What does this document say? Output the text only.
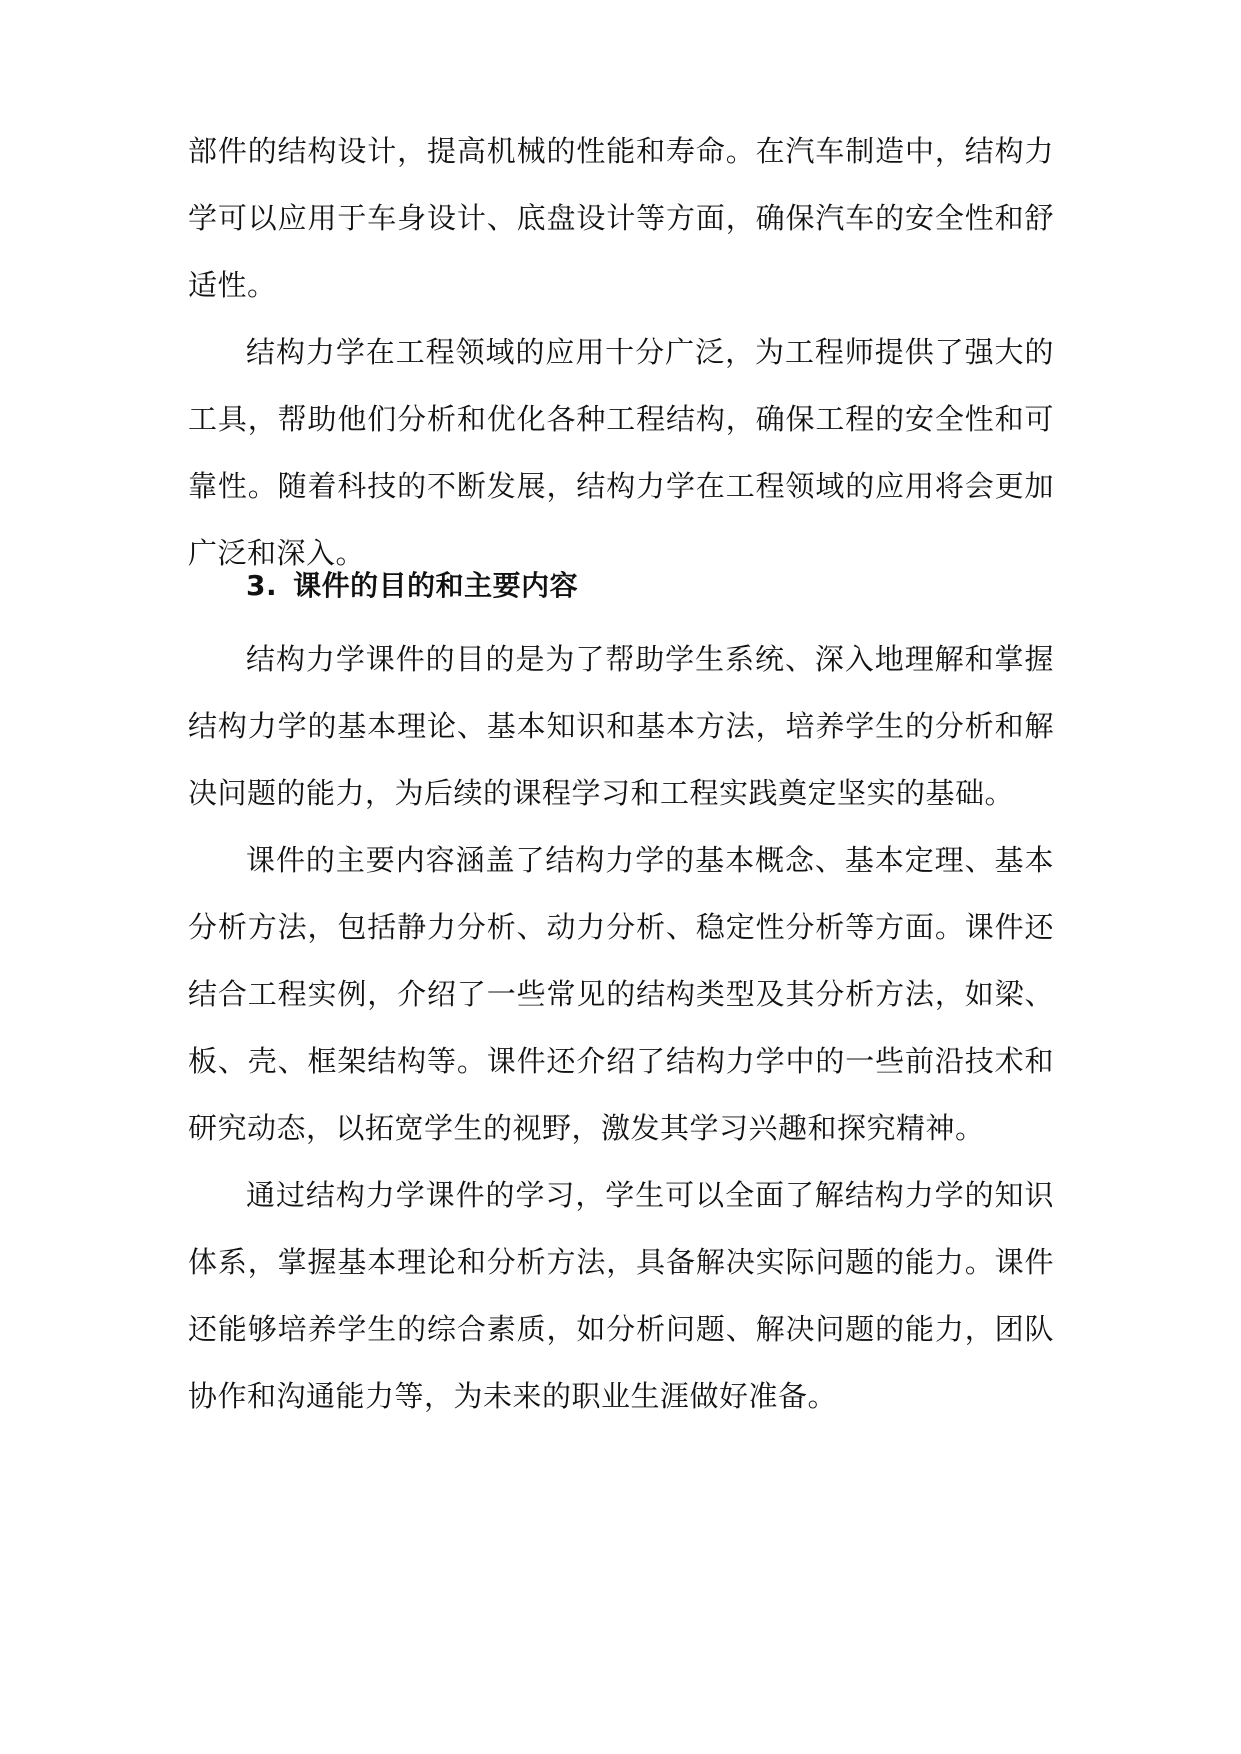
部件的结构设计，提高机械的性能和寿命。在汽车制造中，结构力学可以应用于车身设计、底盘设计等方面，确保汽车的安全性和舒适性。

结构力学在工程领域的应用十分广泛，为工程师提供了强大的工具，帮助他们分析和优化各种工程结构，确保工程的安全性和可靠性。随着科技的不断发展，结构力学在工程领域的应用将会更加广泛和深入。

3. 课件的目的和主要内容

结构力学课件的目的是为了帮助学生系统、深入地理解和掌握结构力学的基本理论、基本知识和基本方法，培养学生的分析和解决问题的能力，为后续的课程学习和工程实践奠定坚实的基础。

课件的主要内容涵盖了结构力学的基本概念、基本定理、基本分析方法，包括静力分析、动力分析、稳定性分析等方面。课件还结合工程实例，介绍了一些常见的结构类型及其分析方法，如梁、板、壳、框架结构等。课件还介绍了结构力学中的一些前沿技术和研究动态，以拓宽学生的视野，激发其学习兴趣和探究精神。

通过结构力学课件的学习，学生可以全面了解结构力学的知识体系，掌握基本理论和分析方法，具备解决实际问题的能力。课件还能够培养学生的综合素质，如分析问题、解决问题的能力，团队协作和沟通能力等，为未来的职业生涯做好准备。
